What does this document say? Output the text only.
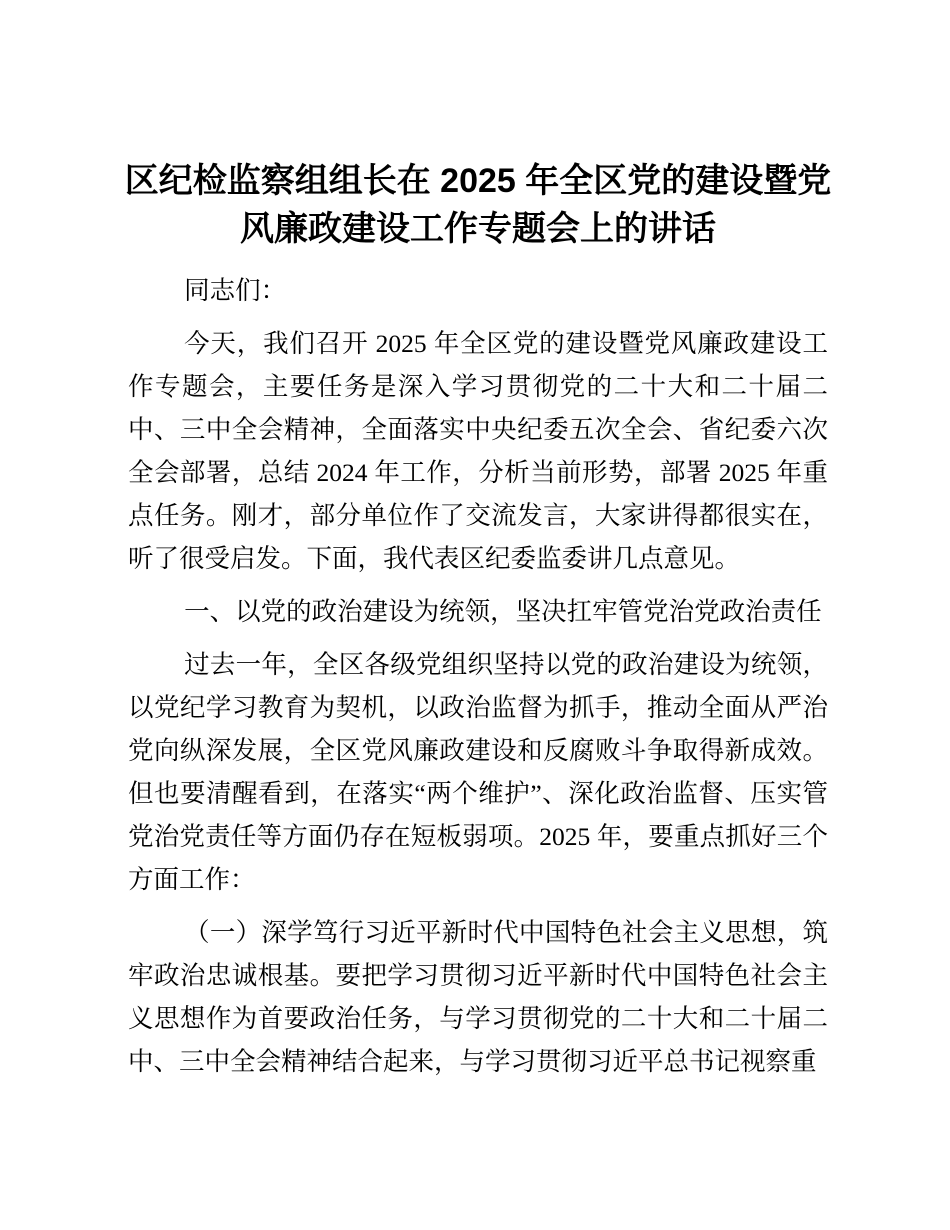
区纪检监察组组长在 2025 年全区党的建设暨党
风廉政建设工作专题会上的讲话

同志们：

今天，我们召开 2025 年全区党的建设暨党风廉政建设工作专题会，主要任务是深入学习贯彻党的二十大和二十届二中、三中全会精神，全面落实中央纪委五次全会、省纪委六次全会部署，总结 2024 年工作，分析当前形势，部署 2025 年重点任务。刚才，部分单位作了交流发言，大家讲得都很实在，听了很受启发。下面，我代表区纪委监委讲几点意见。

一、以党的政治建设为统领，坚决扛牢管党治党政治责任

过去一年，全区各级党组织坚持以党的政治建设为统领，以党纪学习教育为契机，以政治监督为抓手，推动全面从严治党向纵深发展，全区党风廉政建设和反腐败斗争取得新成效。但也要清醒看到，在落实“两个维护”、深化政治监督、压实管党治党责任等方面仍存在短板弱项。2025 年，要重点抓好三个方面工作：

（一）深学笃行习近平新时代中国特色社会主义思想，筑牢政治忠诚根基。要把学习贯彻习近平新时代中国特色社会主义思想作为首要政治任务，与学习贯彻党的二十大和二十届二中、三中全会精神结合起来，与学习贯彻习近平总书记视察重
